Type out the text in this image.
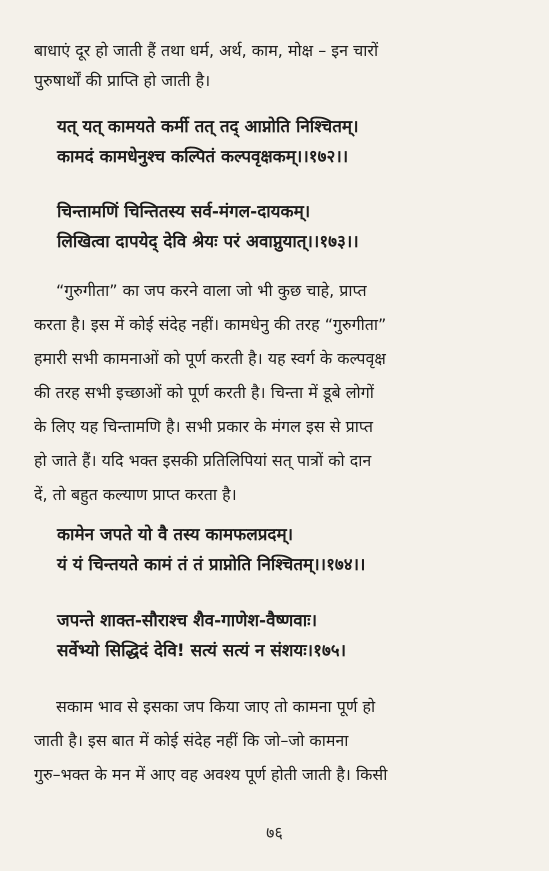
बाधाएं दूर हो जाती हैं तथा धर्म, अर्थ, काम, मोक्ष – इन चारों
पुरुषार्थों की प्राप्ति हो जाती है।
यत् यत् कामयते कर्मी तत् तद् आप्नोति निश्चितम्।
कामदं कामधेनुश्च कल्पितं कल्पवृक्षकम्।।१७२।।
चिन्तामणिं चिन्तितस्य सर्व-मंगल-दायकम्।
लिखित्वा दापयेद् देवि श्रेयः परं अवाप्नुयात्।।१७३।।
“गुरुगीता” का जप करने वाला जो भी कुछ चाहे, प्राप्त
करता है। इस में कोई संदेह नहीं। कामधेनु की तरह “गुरुगीता”
हमारी सभी कामनाओं को पूर्ण करती है। यह स्वर्ग के कल्पवृक्ष
की तरह सभी इच्छाओं को पूर्ण करती है। चिन्ता में डूबे लोगों
के लिए यह चिन्तामणि है। सभी प्रकार के मंगल इस से प्राप्त
हो जाते हैं। यदि भक्त इसकी प्रतिलिपियां सत् पात्रों को दान
दें, तो बहुत कल्याण प्राप्त करता है।
कामेन जपते यो वै तस्य कामफलप्रदम्।
यं यं चिन्तयते कामं तं तं प्राप्नोति निश्चितम्।।१७४।।
जपन्ते शाक्त-सौराश्च शैव-गाणेश-वैष्णवाः।
सर्वेभ्यो सिद्धिदं देवि! सत्यं सत्यं न संशयः।१७५।
सकाम भाव से इसका जप किया जाए तो कामना पूर्ण हो
जाती है। इस बात में कोई संदेह नहीं कि जो–जो कामना
गुरु–भक्त के मन में आए वह अवश्य पूर्ण होती जाती है। किसी
७६
